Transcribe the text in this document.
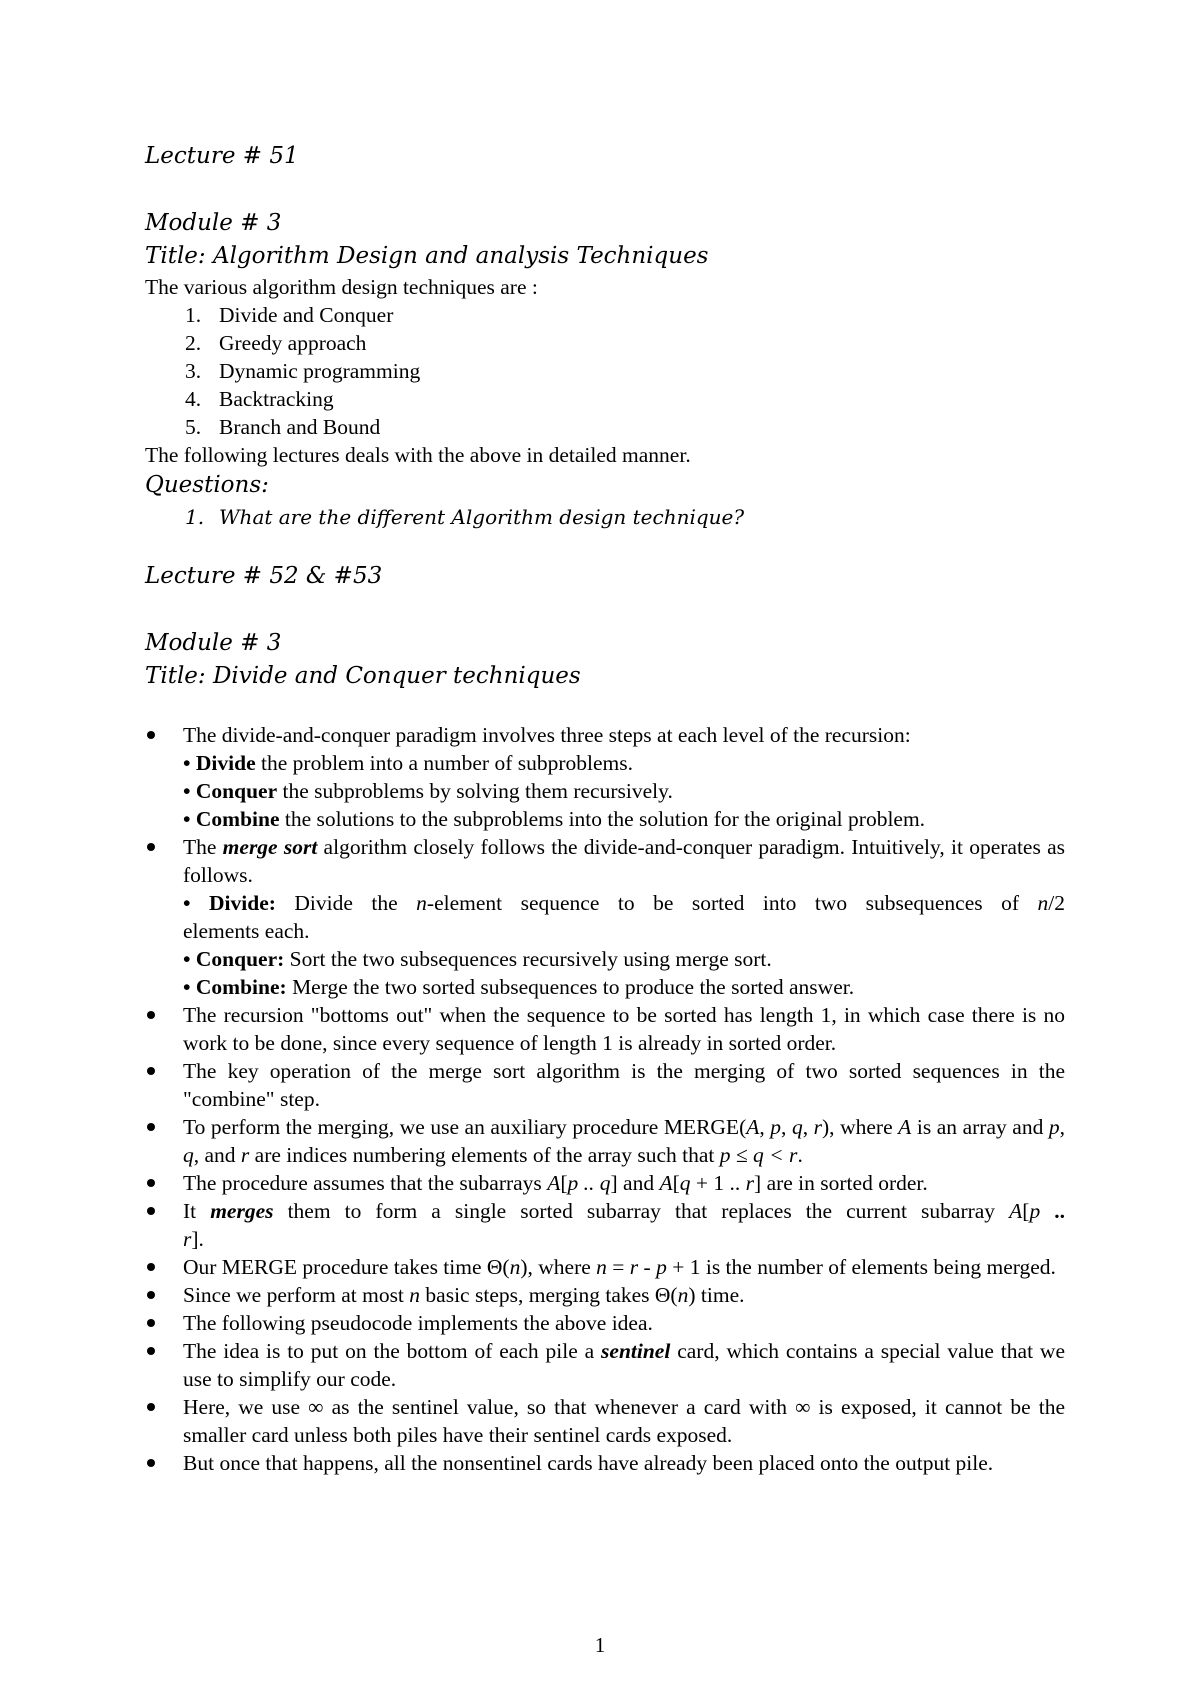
Lecture # 51
Module # 3
Title: Algorithm Design and analysis Techniques

The various algorithm design techniques are :

1. Divide and Conquer
2. Greedy approach
3. Dynamic programming
4. Backtracking
5. Branch and Bound

The following lectures deals with the above in detailed manner.

Questions:
1. What are the different Algorithm design technique?
Lecture # 52 & #53
Module # 3
Title: Divide and Conquer techniques
The divide-and-conquer paradigm involves three steps at each level of the recursion:
• Divide the problem into a number of subproblems.
• Conquer the subproblems by solving them recursively.
• Combine the solutions to the subproblems into the solution for the original problem.
The merge sort algorithm closely follows the divide-and-conquer paradigm. Intuitively, it operates as follows.
• Divide: Divide the n-element sequence to be sorted into two subsequences of n/2
elements each.
• Conquer: Sort the two subsequences recursively using merge sort.
• Combine: Merge the two sorted subsequences to produce the sorted answer.
The recursion "bottoms out" when the sequence to be sorted has length 1, in which case there is no work to be done, since every sequence of length 1 is already in sorted order.
The key operation of the merge sort algorithm is the merging of two sorted sequences in the "combine" step.
To perform the merging, we use an auxiliary procedure MERGE(A, p, q, r), where A is an array and p, q, and r are indices numbering elements of the array such that p ≤ q < r.
The procedure assumes that the subarrays A[p .. q] and A[q + 1 .. r] are in sorted order.
It merges them to form a single sorted subarray that replaces the current subarray A[p ..
r].
Our MERGE procedure takes time Θ(n), where n = r - p + 1 is the number of elements being merged.
Since we perform at most n basic steps, merging takes Θ(n) time.
The following pseudocode implements the above idea.
The idea is to put on the bottom of each pile a sentinel card, which contains a special value that we use to simplify our code.
Here, we use ∞ as the sentinel value, so that whenever a card with ∞ is exposed, it cannot be the smaller card unless both piles have their sentinel cards exposed.
But once that happens, all the nonsentinel cards have already been placed onto the output pile.
1
